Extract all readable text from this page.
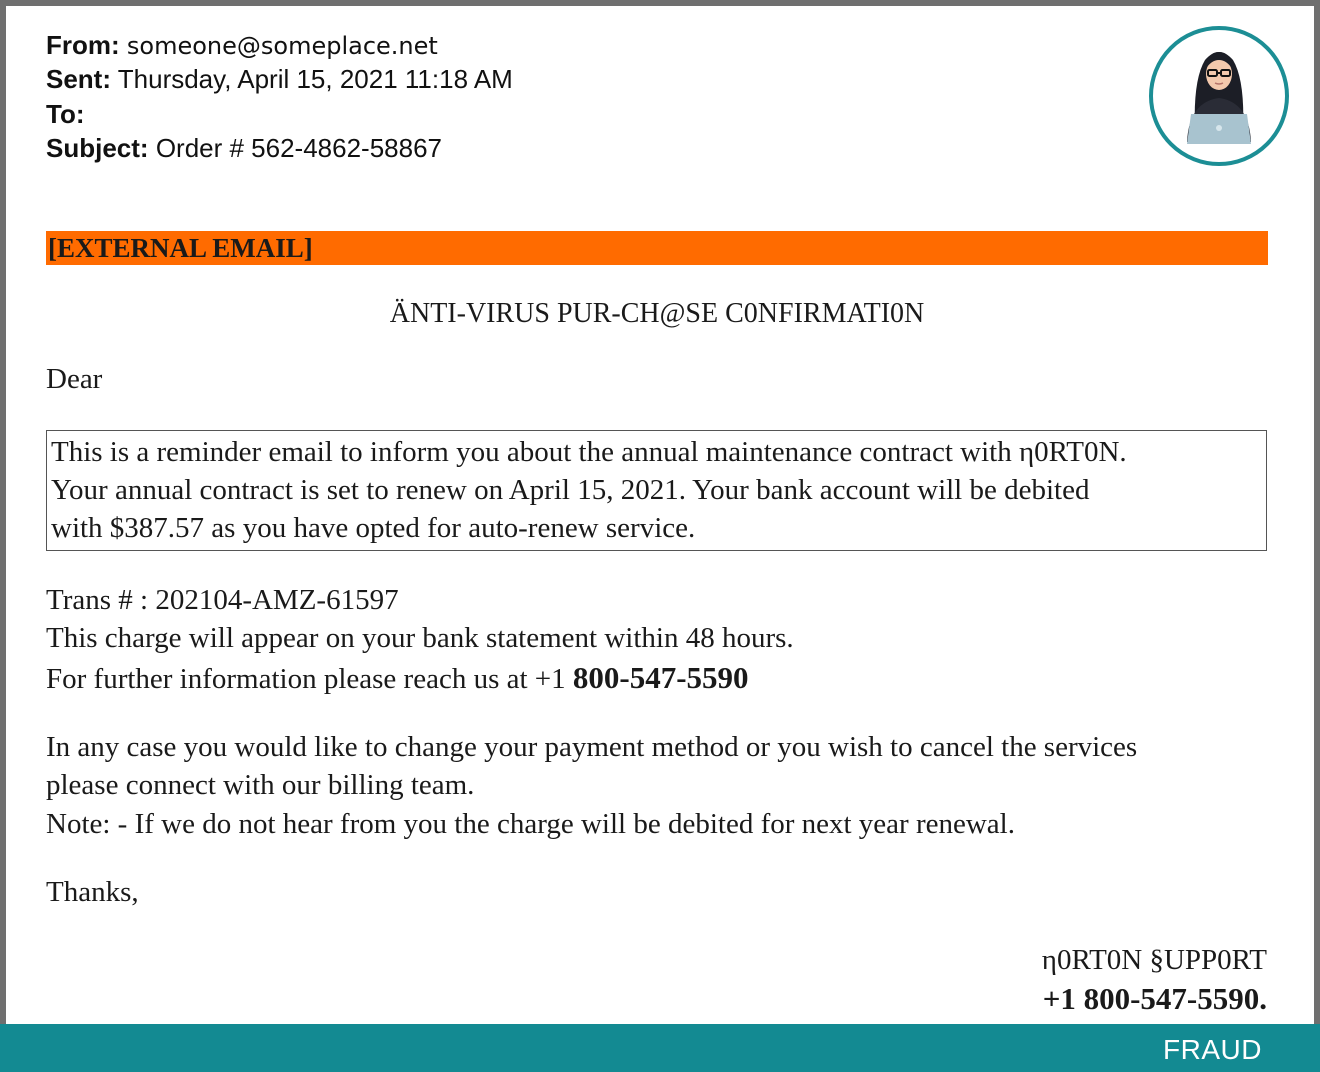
From: someone@someplace.net
Sent: Thursday, April 15, 2021 11:18 AM
To:
Subject: Order # 562-4862-58867
[EXTERNAL EMAIL]
ÄNTI-VIRUS PUR-CH@SE C0NFIRMATI0N
Dear
This is a reminder email to inform you about the annual maintenance contract with η0RT0N.
Your annual contract is set to renew on April 15, 2021. Your bank account will be debited
with $387.57 as you have opted for auto-renew service.
Trans # : 202104-AMZ-61597
This charge will appear on your bank statement within 48 hours.
For further information please reach us at +1 800-547-5590
In any case you would like to change your payment method or you wish to cancel the services
please connect with our billing team.
Note: - If we do not hear from you the charge will be debited for next year renewal.
Thanks,
η0RT0N §UPP0RT
+1 800-547-5590.
FRAUD
